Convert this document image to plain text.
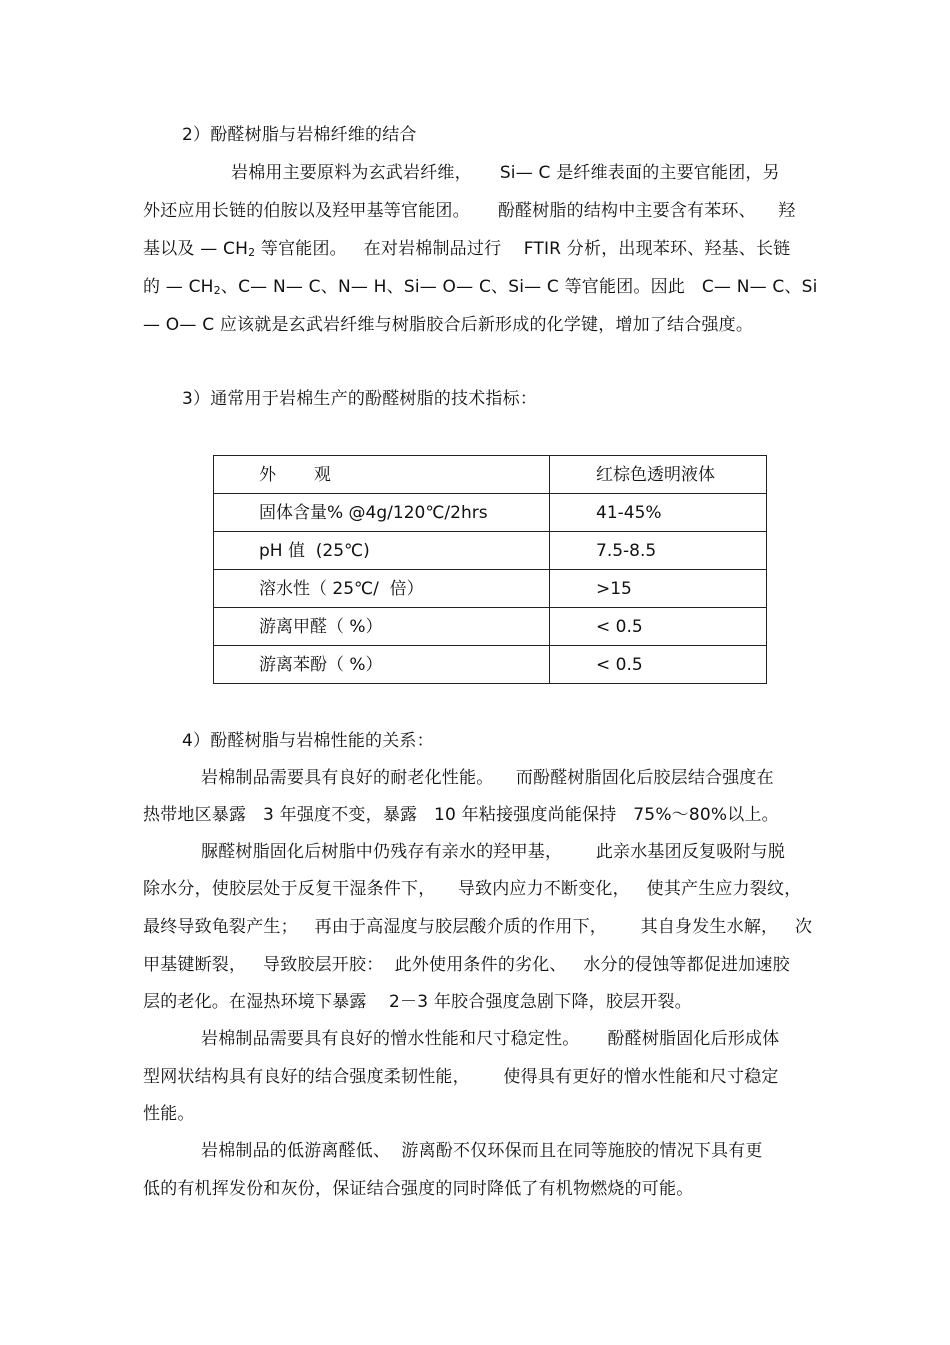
2）酚醛树脂与岩棉纤维的结合
岩棉用主要原料为玄武岩纤维，     Si— C 是纤维表面的主要官能团，另
外还应用长链的伯胺以及羟甲基等官能团。     酚醛树脂的结构中主要含有苯环、    羟
基以及 — CH2 等官能团。   在对岩棉制品过行    FTIR 分析，出现苯环、羟基、长链
的 — CH2、C— N— C、N— H、Si— O— C、Si— C 等官能团。因此   C— N— C、Si
— O— C 应该就是玄武岩纤维与树脂胶合后新形成的化学键，增加了结合强度。
3）通常用于岩棉生产的酚醛树脂的技术指标：
外       观	红棕色透明液体
固体含量% @4g/120℃/2hrs	41-45%
pH 值  (25℃)	7.5-8.5
溶水性（ 25℃/  倍）	>15
游离甲醛（ %）	< 0.5
游离苯酚（ %）	< 0.5
4）酚醛树脂与岩棉性能的关系：
岩棉制品需要具有良好的耐老化性能。    而酚醛树脂固化后胶层结合强度在
热带地区暴露   3 年强度不变，暴露   10 年粘接强度尚能保持   75%～80%以上。
脲醛树脂固化后树脂中仍残存有亲水的羟甲基，      此亲水基团反复吸附与脱
除水分，使胶层处于反复干湿条件下，    导致内应力不断变化，   使其产生应力裂纹，
最终导致龟裂产生；   再由于高湿度与胶层酸介质的作用下，      其自身发生水解，   次
甲基键断裂，   导致胶层开胶：  此外使用条件的劣化、   水分的侵蚀等都促进加速胶
层的老化。在湿热环境下暴露    2－3 年胶合强度急剧下降，胶层开裂。
岩棉制品需要具有良好的憎水性能和尺寸稳定性。     酚醛树脂固化后形成体
型网状结构具有良好的结合强度柔韧性能，      使得具有更好的憎水性能和尺寸稳定
性能。
岩棉制品的低游离醛低、  游离酚不仅环保而且在同等施胶的情况下具有更
低的有机挥发份和灰份，保证结合强度的同时降低了有机物燃烧的可能。
